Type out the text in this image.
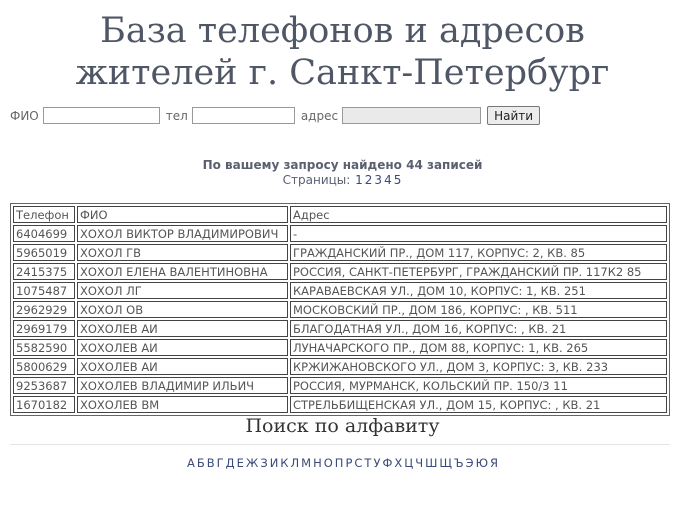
База телефонов и адресов жителей г. Санкт-Петербург
ФИО	тел	адрес	Найти
По вашему запросу найдено 44 записей
Страницы: 1 2 3 4 5
Телефон	ФИО	Адрес
6404699	ХОХОЛ ВИКТОР ВЛАДИМИРОВИЧ	-
5965019	ХОХОЛ ГВ	ГРАЖДАНСКИЙ ПР., ДОМ 117, КОРПУС: 2, КВ. 85
2415375	ХОХОЛ ЕЛЕНА ВАЛЕНТИНОВНА	РОССИЯ, САНКТ-ПЕТЕРБУРГ, ГРАЖДАНСКИЙ ПР. 117К2 85
1075487	ХОХОЛ ЛГ	КАРАВАЕВСКАЯ УЛ., ДОМ 10, КОРПУС: 1, КВ. 251
2962929	ХОХОЛ ОВ	МОСКОВСКИЙ ПР., ДОМ 186, КОРПУС: , КВ. 511
2969179	ХОХОЛЕВ АИ	БЛАГОДАТНАЯ УЛ., ДОМ 16, КОРПУС: , КВ. 21
5582590	ХОХОЛЕВ АИ	ЛУНАЧАРСКОГО ПР., ДОМ 88, КОРПУС: 1, КВ. 265
5800629	ХОХОЛЕВ АИ	КРЖИЖАНОВСКОГО УЛ., ДОМ 3, КОРПУС: 3, КВ. 233
9253687	ХОХОЛЕВ ВЛАДИМИР ИЛЬИЧ	РОССИЯ, МУРМАНСК, КОЛЬСКИЙ ПР. 150/3 11
1670182	ХОХОЛЕВ ВМ	СТРЕЛЬБИЩЕНСКАЯ УЛ., ДОМ 15, КОРПУС: , КВ. 21
Поиск по алфавиту
А Б В Г Д Е Ж З И К Л М Н О П Р С Т У Ф Х Ц Ч Ш Щ Ъ Э Ю Я
